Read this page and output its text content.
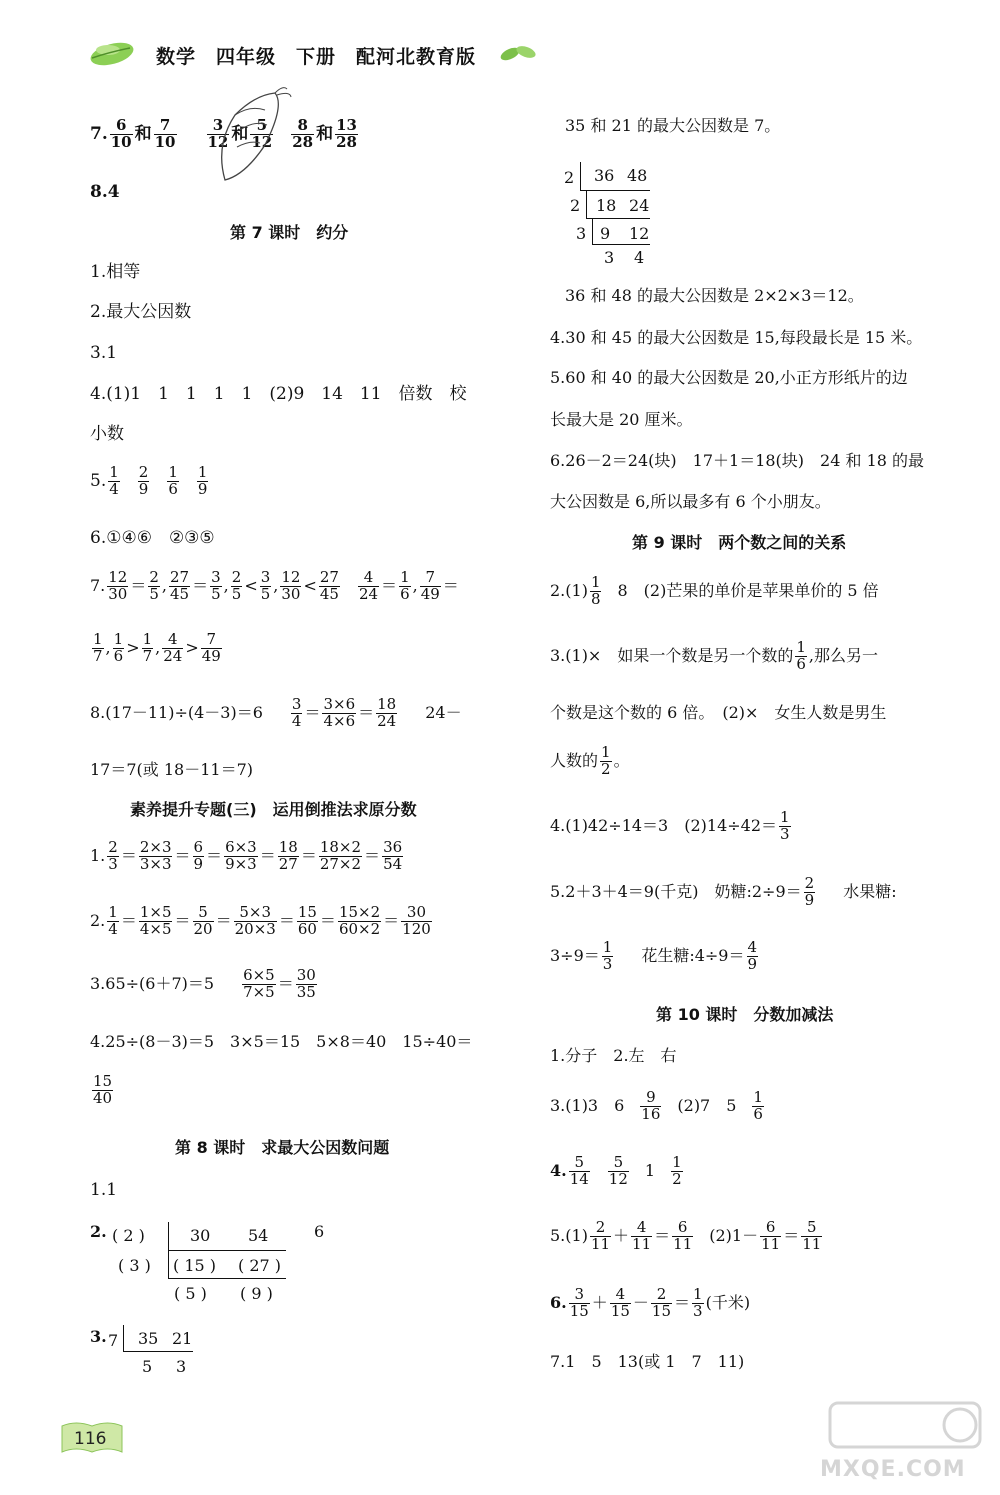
数学　四年级　下册　配河北教育版
7. 6
10 和 7
10
3
12 和 5
12
8
28 和 13
28
8.4
第 7 课时　约分
1.相等
2.最大公因数
3.1
4.(1)1　1　1　1　1　(2)9　14　11　倍数　校
小数
5. 1
4
2
9
1
6
1
9
6.①④⑥　②③⑤
7. 12
30 ＝ 2
5 , 27
45 ＝ 3
5 , 2
5 < 3
5 , 12
30 < 27
45
4
24 ＝ 1
6 , 7
49 ＝
1
7 , 1
6 > 1
7 , 4
24 > 7
49
8.(17－11)÷(4－3)＝6 3
4 ＝ 3×6
4×6 ＝ 18
24 24－
17＝7(或 18－11＝7)
素养提升专题(三)　运用倒推法求原分数
1. 2
3 ＝ 2×3
3×3 ＝ 6
9 ＝ 6×3
9×3 ＝ 18
27 ＝ 18×2
27×2 ＝ 36
54
2. 1
4 ＝ 1×5
4×5 ＝ 5
20 ＝ 5×3
20×3 ＝ 15
60 ＝ 15×2
60×2 ＝ 30
120
3.65÷(6＋7)＝5 6×5
7×5 ＝ 30
35
4.25÷(8－3)＝5　3×5＝15　5×8＝40　15÷40＝
15
40
第 8 课时　求最大公因数问题
1.1
2. ( 2 )
( 3 )
30 54
( 15 ) ( 27 )
( 5 ) ( 9 )
6
3. 7 35 21
5 3
35 和 21 的最大公因数是 7。
2
2
3
36 48
18 24
9 12
3 4
36 和 48 的最大公因数是 2×2×3＝12。
4.30 和 45 的最大公因数是 15,每段最长是 15 米。
5.60 和 40 的最大公因数是 20,小正方形纸片的边
长最大是 20 厘米。
6.26－2＝24(块)　17＋1＝18(块)　24 和 18 的最
大公因数是 6,所以最多有 6 个小朋友。
第 9 课时　两个数之间的关系
2.(1) 1
8 8　(2)芒果的单价是苹果单价的 5 倍
3.(1)×　如果一个数是另一个数的 1
6 ,那么另一
个数是这个数的 6 倍。　(2)×　女生人数是男生
人数的 1
2 。
4.(1)42÷14＝3　(2)14÷42＝ 1
3
5.2＋3＋4＝9(千克)　奶糖:2÷9＝ 2
9 水果糖:
3÷9＝ 1
3 花生糖:4÷9＝ 4
9
第 10 课时　分数加减法
1.分子　2.左　右
3.(1)3　6	9
16 (2)7　5 1
6
4. 5
14
5
12 1 1
2
5.(1) 2
11 ＋ 4
11 ＝ 6
11 (2)1－ 6
11 ＝ 5
11
6. 3
15 ＋ 4
15 － 2
15 ＝ 1
3 (千米)
7.1　5　13(或 1　7　11)
116
MXQE.COM
